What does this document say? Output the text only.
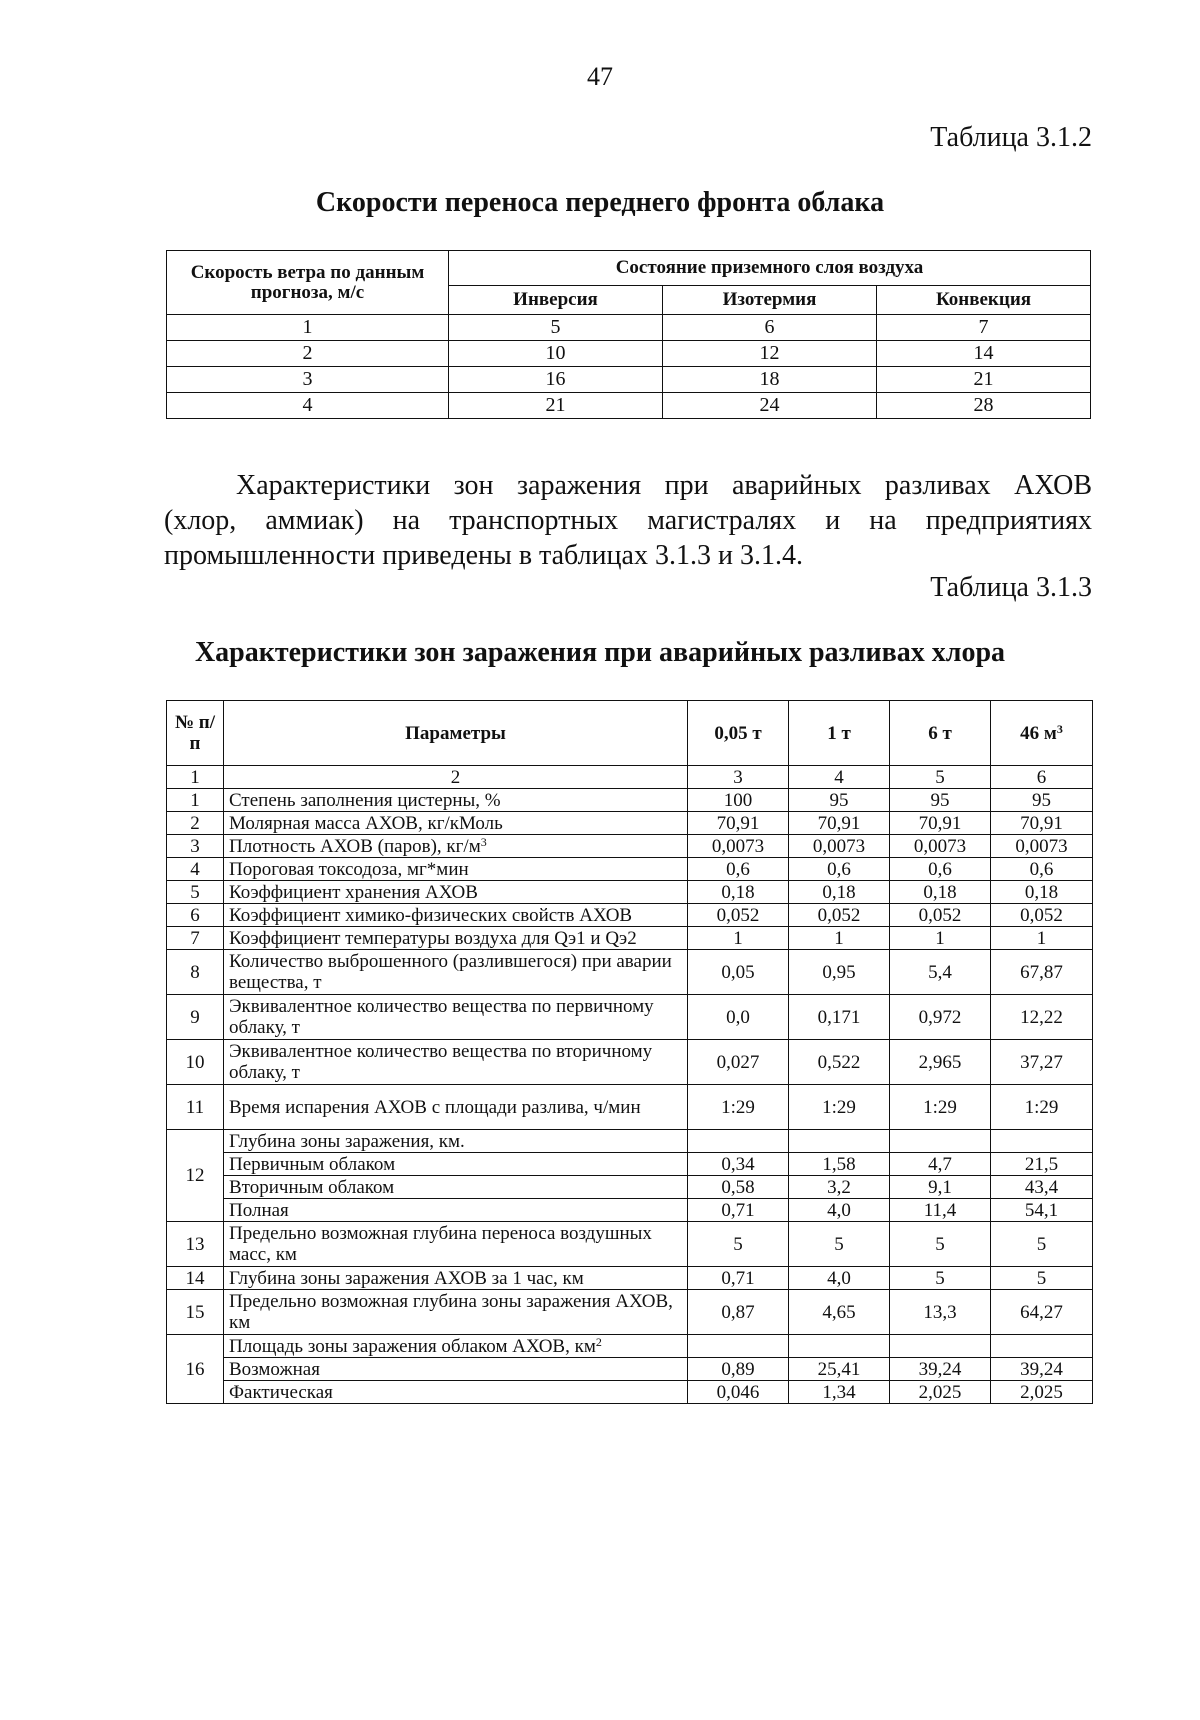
47
Таблица 3.1.2
Скорости переноса переднего фронта облака
Скорость ветра по данным прогноза, м/с	Состояние приземного слоя воздуха		
	Инверсия	Изотермия	Конвекция
1	5	6	7
2	10	12	14
3	16	18	21
4	21	24	28
Характеристики зон заражения при аварийных разливах АХОВ
(хлор, аммиак) на транспортных магистралях и на предприятиях
промышленности приведены в таблицах 3.1.3 и 3.1.4.
Таблица 3.1.3
Характеристики зон заражения при аварийных разливах хлора
№ п/п	Параметры	0,05 т	1 т	6 т	46 $м^3$
1	2	3	4	5	6
1	Степень заполнения цистерны, %	100	95	95	95
2	Молярная масса АХОВ, кг/кМоль	70,91	70,91	70,91	70,91
3	Плотность АХОВ (паров), $кг/м^3$	0,0073	0,0073	0,0073	0,0073
4	Пороговая токсодоза, мг*мин	0,6	0,6	0,6	0,6
5	Коэффициент хранения АХОВ	0,18	0,18	0,18	0,18
6	Коэффициент химико-физических свойств АХОВ	0,052	0,052	0,052	0,052
7	Коэффициент температуры воздуха для Qэ1 и Qэ2	1	1	1	1
8	Количество выброшенного (разлившегося) при аварии вещества, т	0,05	0,95	5,4	67,87
9	Эквивалентное количество вещества по первичному облаку, т	0,0	0,171	0,972	12,22
10	Эквивалентное количество вещества по вторичному облаку, т	0,027	0,522	2,965	37,27
11	Время испарения АХОВ с площади разлива, ч/мин	1:29	1:29	1:29	1:29
12	Глубина зоны заражения, км.				
	Первичным облаком	0,34	1,58	4,7	21,5
	Вторичным облаком	0,58	3,2	9,1	43,4
	Полная	0,71	4,0	11,4	54,1
13	Предельно возможная глубина переноса воздушных масс, км	5	5	5	5
14	Глубина зоны заражения АХОВ за 1 час, км	0,71	4,0	5	5
15	Предельно возможная глубина зоны заражения АХОВ, км	0,87	4,65	13,3	64,27
16	Площадь зоны заражения облаком АХОВ, $км^2$				
	Возможная	0,89	25,41	39,24	39,24
	Фактическая	0,046	1,34	2,025	2,025
